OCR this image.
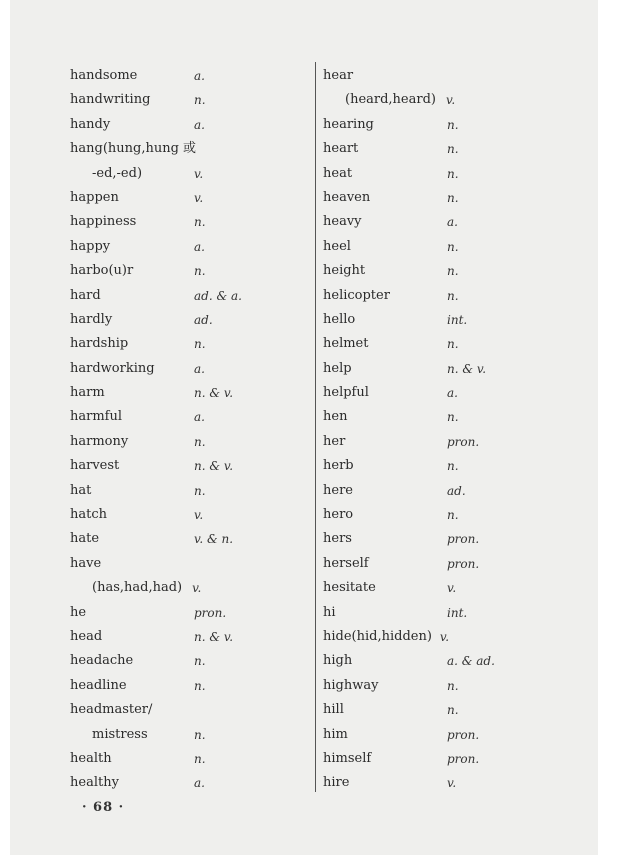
handsome	a.
handwriting	n.
handy	a.
hang(hung,hung 或
-ed,-ed)	v.
happen	v.
happiness	n.
happy	a.
harbo(u)r	n.
hard	ad. & a.
hardly	ad.
hardship	n.
hardworking	a.
harm	n. & v.
harmful	a.
harmony	n.
harvest	n. & v.
hat	n.
hatch	v.
hate	v. & n.
have
(has,had,had) v.
he	pron.
head	n. & v.
headache	n.
headline	n.
headmaster/
mistress	n.
health	n.
healthy	a.
hear
(heard,heard) v.
hearing	n.
heart	n.
heat	n.
heaven	n.
heavy	a.
heel	n.
height	n.
helicopter	n.
hello	int.
helmet	n.
help	n. & v.
helpful	a.
hen	n.
her	pron.
herb	n.
here	ad.
hero	n.
hers	pron.
herself	pron.
hesitate	v.
hi	int.
hide(hid,hidden) v.
high	a. & ad.
highway	n.
hill	n.
him	pron.
himself	pron.
hire	v.
· 68 ·
